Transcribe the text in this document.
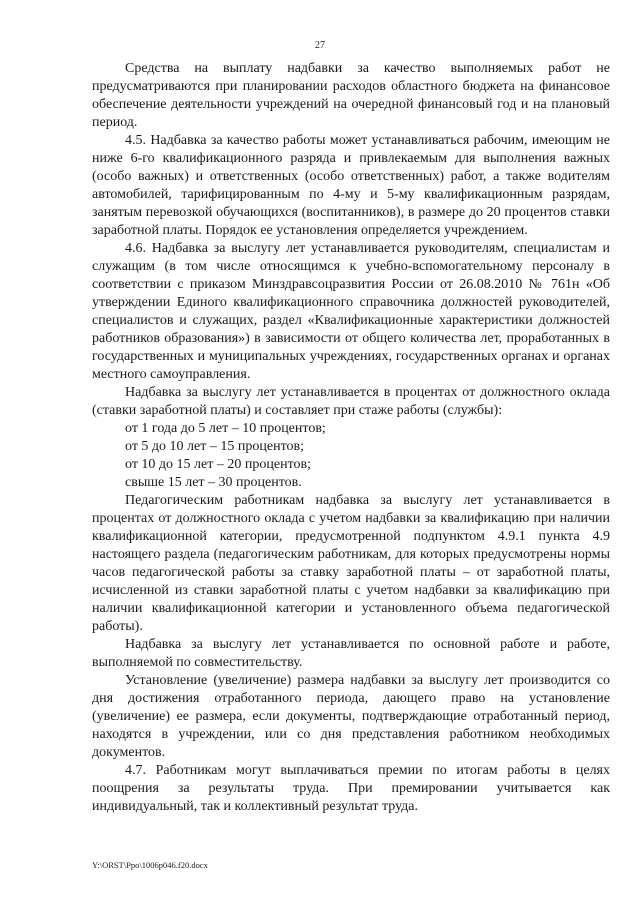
27

Средства на выплату надбавки за качество выполняемых работ не предусматриваются при планировании расходов областного бюджета на финансовое обеспечение деятельности учреждений на очередной финансовый год и на плановый период.

4.5. Надбавка за качество работы может устанавливаться рабочим, имеющим не ниже 6-го квалификационного разряда и привлекаемым для выполнения важных (особо важных) и ответственных (особо ответственных) работ, а также водителям автомобилей, тарифицированным по 4-му и 5-му квалификационным разрядам, занятым перевозкой обучающихся (воспитанников), в размере до 20 процентов ставки заработной платы. Порядок ее установления определяется учреждением.

4.6. Надбавка за выслугу лет устанавливается руководителям, специалистам и служащим (в том числе относящимся к учебно-вспомогательному персоналу в соответствии с приказом Минздравсоцразвития России от 26.08.2010 № 761н «Об утверждении Единого квалификационного справочника должностей руководителей, специалистов и служащих, раздел «Квалификационные характеристики должностей работников образования») в зависимости от общего количества лет, проработанных в государственных и муниципальных учреждениях, государственных органах и органах местного самоуправления.

Надбавка за выслугу лет устанавливается в процентах от должностного оклада (ставки заработной платы) и составляет при стаже работы (службы):

от 1 года до 5 лет – 10 процентов;

от 5 до 10 лет – 15 процентов;

от 10 до 15 лет – 20 процентов;

свыше 15 лет – 30 процентов.

Педагогическим работникам надбавка за выслугу лет устанавливается в процентах от должностного оклада с учетом надбавки за квалификацию при наличии квалификационной категории, предусмотренной подпунктом 4.9.1 пункта 4.9 настоящего раздела (педагогическим работникам, для которых предусмотрены нормы часов педагогической работы за ставку заработной платы – от заработной платы, исчисленной из ставки заработной платы с учетом надбавки за квалификацию при наличии квалификационной категории и установленного объема педагогической работы).

Надбавка за выслугу лет устанавливается по основной работе и работе, выполняемой по совместительству.

Установление (увеличение) размера надбавки за выслугу лет производится со дня достижения отработанного периода, дающего право на установление (увеличение) ее размера, если документы, подтверждающие отработанный период, находятся в учреждении, или со дня представления работником необходимых документов.

4.7. Работникам могут выплачиваться премии по итогам работы в целях поощрения за результаты труда. При премировании учитывается как индивидуальный, так и коллективный результат труда.

Y:\ORST\Ppo\1006p046.f20.docx
